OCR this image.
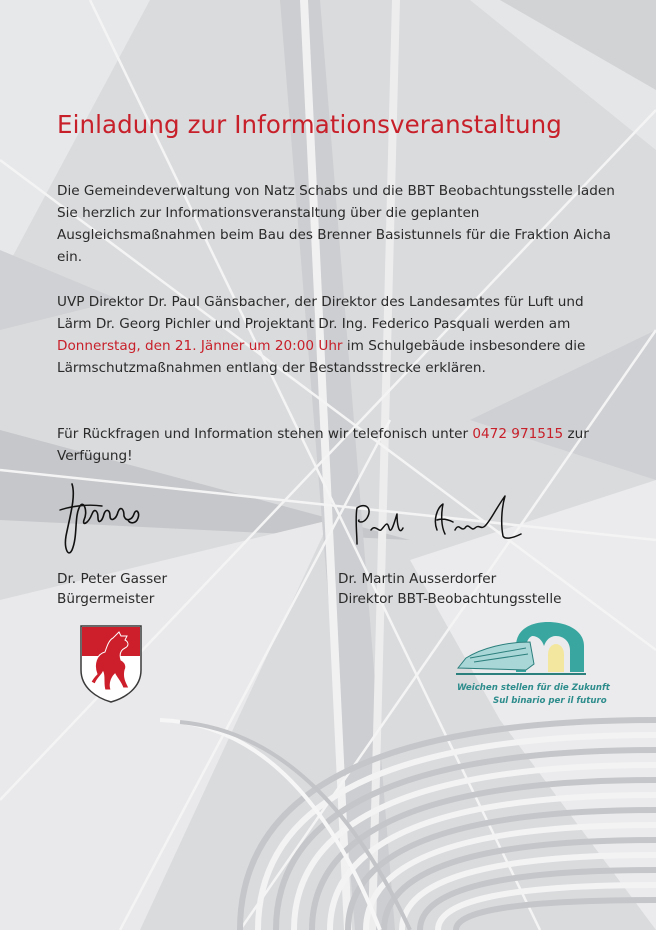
Einladung zur Informationsveranstaltung

Die Gemeindeverwaltung von Natz Schabs und die BBT Beobachtungsstelle laden Sie herzlich zur Informationsveranstaltung über die geplanten Ausgleichsmaßnahmen beim Bau des Brenner Basistunnels für die Fraktion Aicha ein.

UVP Direktor Dr. Paul Gänsbacher, der Direktor des Landesamtes für Luft und Lärm Dr. Georg Pichler und Projektant Dr. Ing. Federico Pasquali werden am Donnerstag, den 21. Jänner um 20:00 Uhr im Schulgebäude insbesondere die Lärmschutzmaßnahmen entlang der Bestandsstrecke erklären.

Für Rückfragen und Information stehen wir telefonisch unter 0472 971515 zur Verfügung!

Dr. Peter Gasser
Bürgermeister
Dr. Martin Ausserdorfer
Direktor BBT-Beobachtungsstelle
Weichen stellen für die Zukunft
Sul binario per il futuro
